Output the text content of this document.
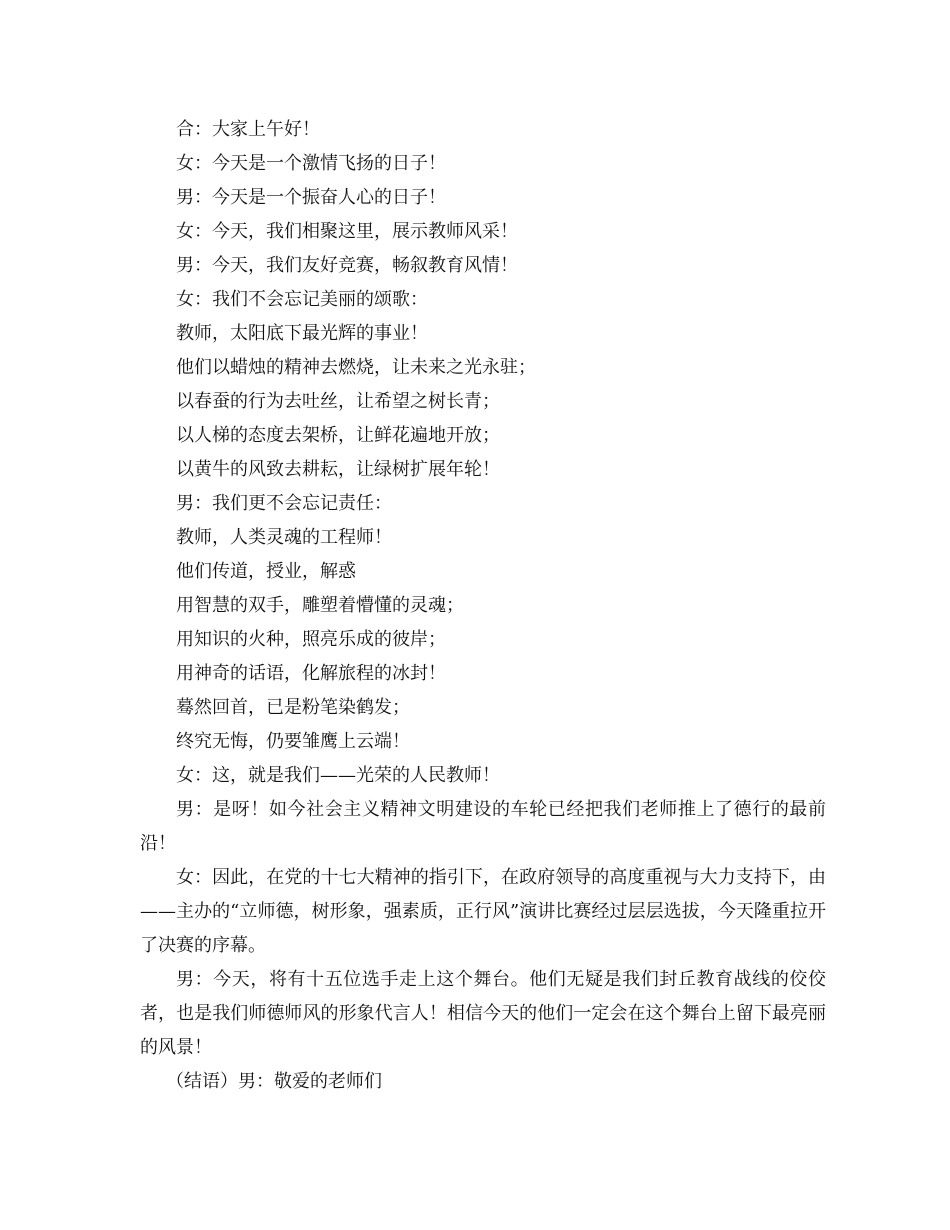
合：大家上午好！

女：今天是一个激情飞扬的日子！

男：今天是一个振奋人心的日子！

女：今天，我们相聚这里，展示教师风采！

男：今天，我们友好竞赛，畅叙教育风情！

女：我们不会忘记美丽的颂歌：

教师，太阳底下最光辉的事业！

他们以蜡烛的精神去燃烧，让未来之光永驻；

以春蚕的行为去吐丝，让希望之树长青；

以人梯的态度去架桥，让鲜花遍地开放；

以黄牛的风致去耕耘，让绿树扩展年轮！

男：我们更不会忘记责任：

教师，人类灵魂的工程师！

他们传道，授业，解惑

用智慧的双手，雕塑着懵懂的灵魂；

用知识的火种，照亮乐成的彼岸；

用神奇的话语，化解旅程的冰封！

蓦然回首，已是粉笔染鹤发；

终究无悔，仍要雏鹰上云端！

女：这，就是我们——光荣的人民教师！

男：是呀！如今社会主义精神文明建设的车轮已经把我们老师推上了德行的最前沿！

女：因此，在党的十七大精神的指引下，在政府领导的高度重视与大力支持下，由——主办的“立师德，树形象，强素质，正行风”演讲比赛经过层层选拔，今天隆重拉开了决赛的序幕。

男：今天，将有十五位选手走上这个舞台。他们无疑是我们封丘教育战线的佼佼者，也是我们师德师风的形象代言人！相信今天的他们一定会在这个舞台上留下最亮丽的风景！

（结语）男：敬爱的老师们
